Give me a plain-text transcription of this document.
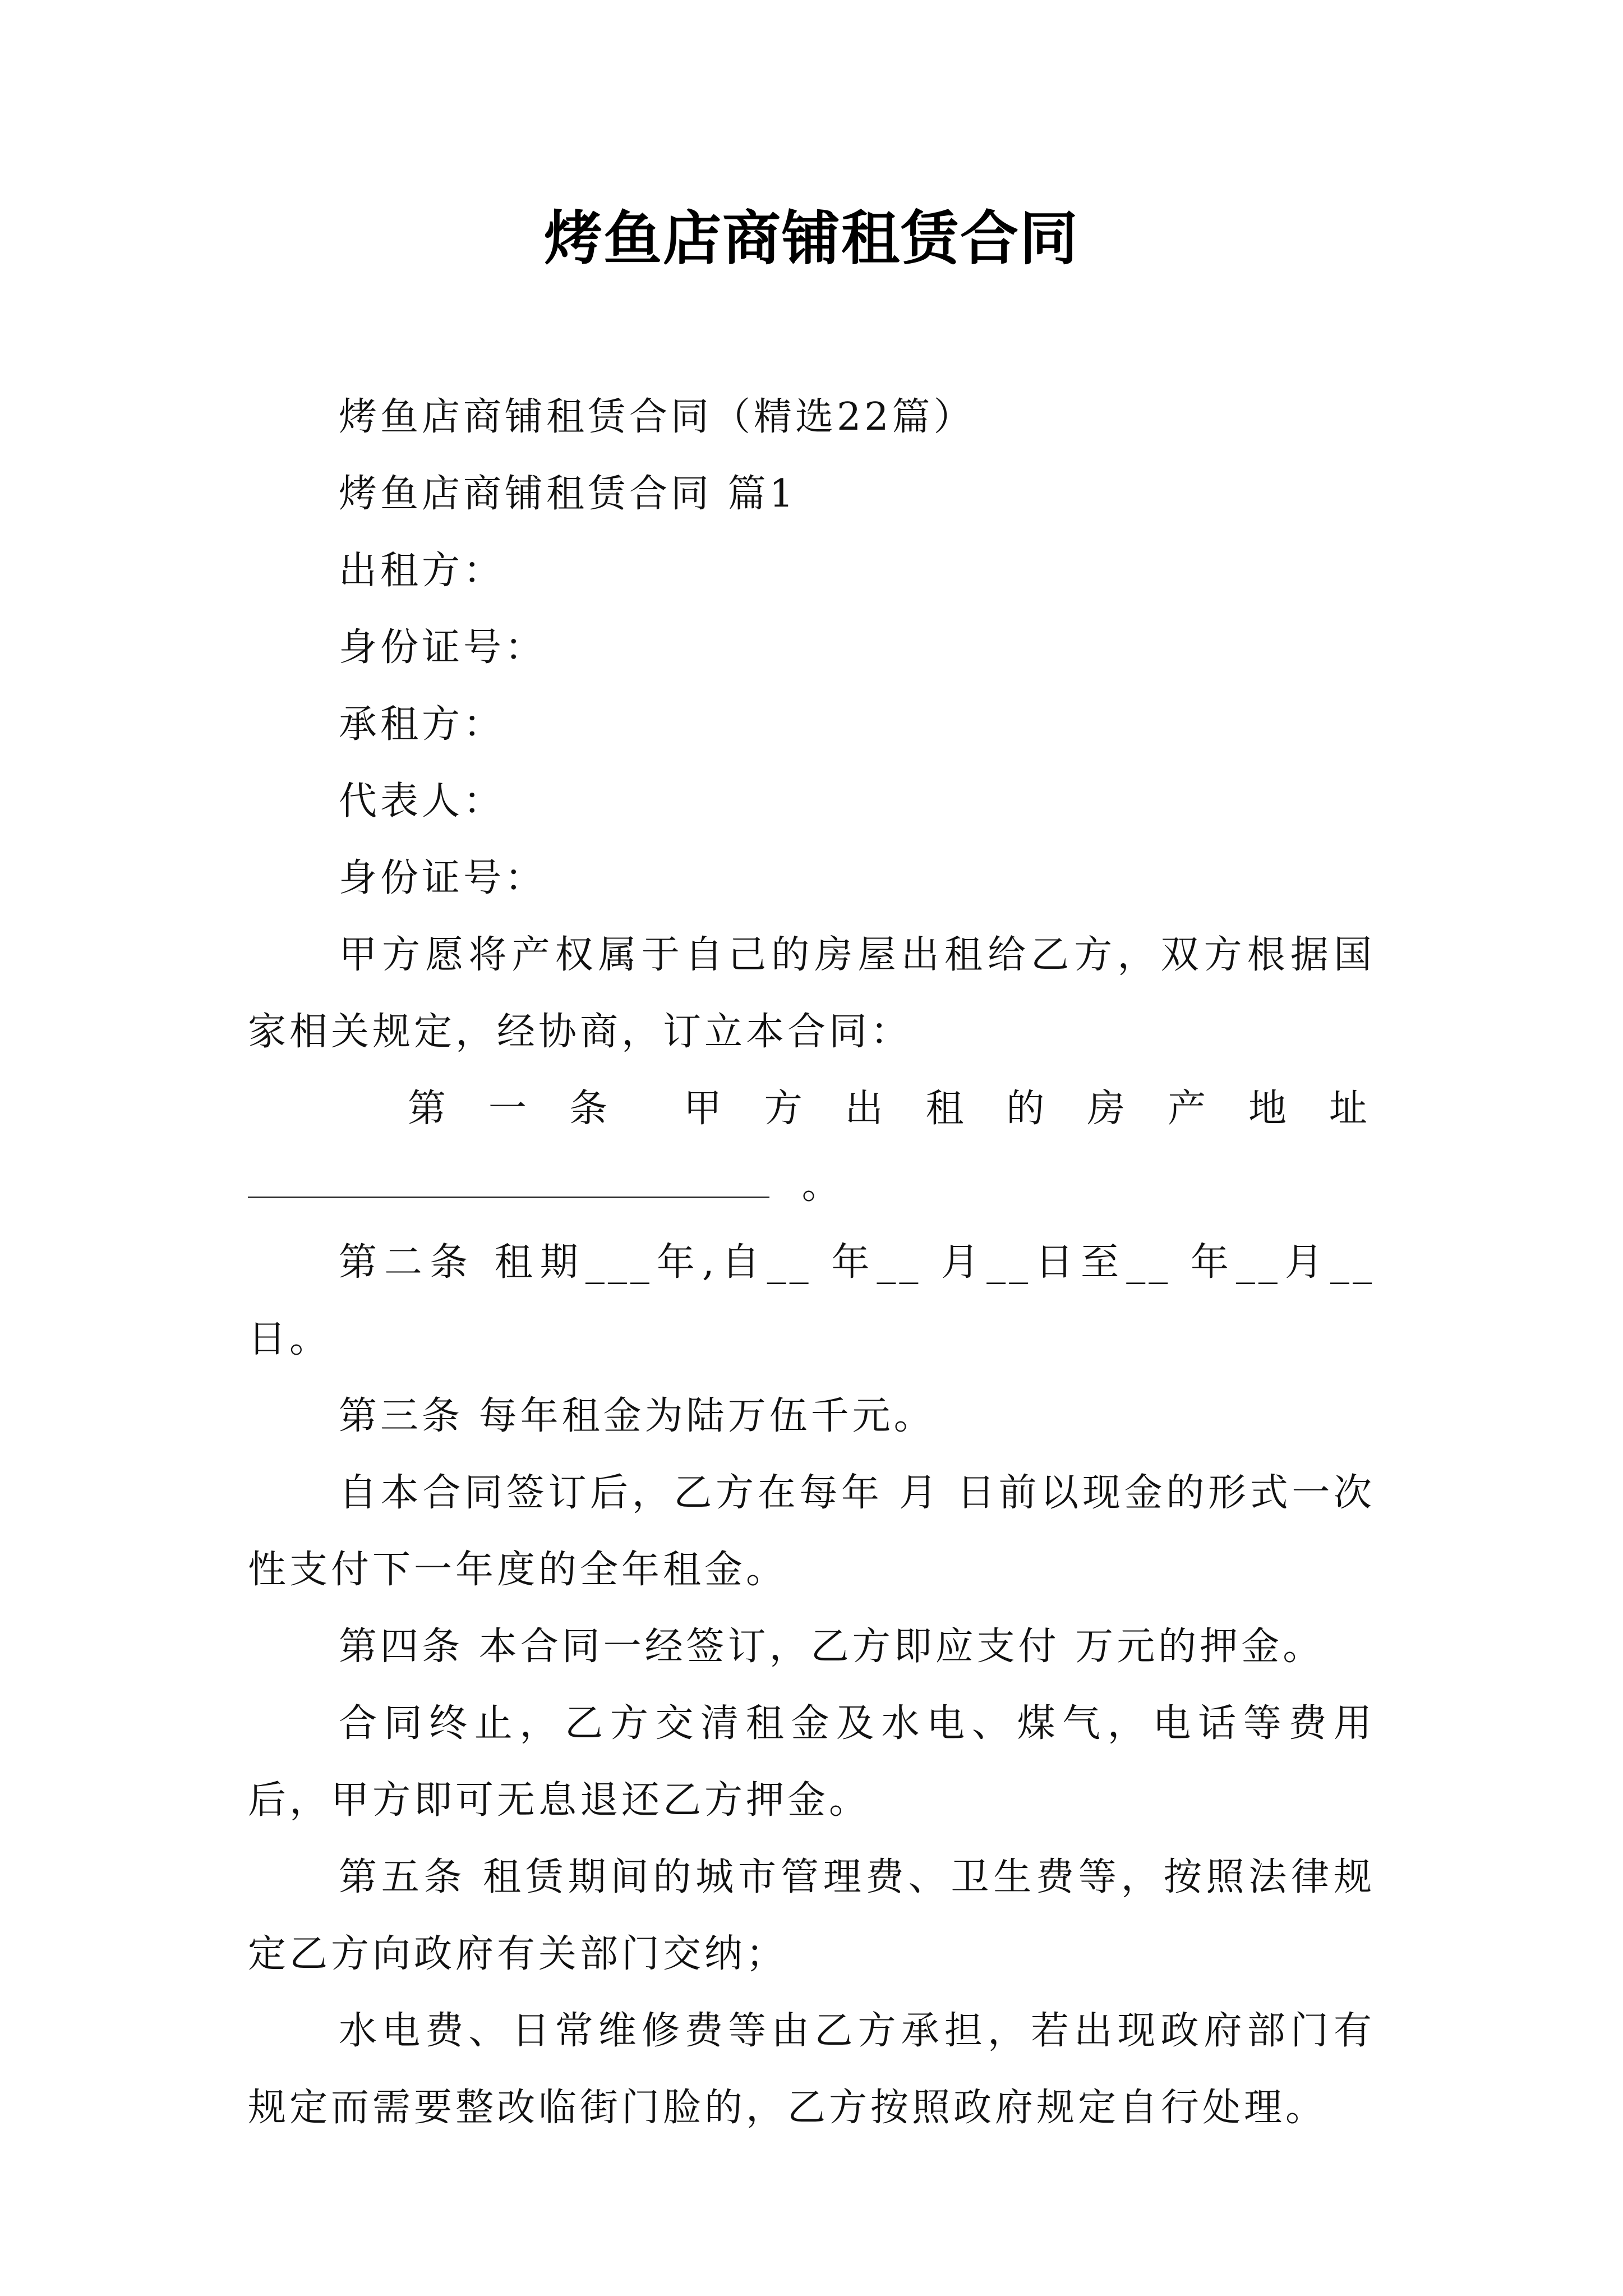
烤鱼店商铺租赁合同

烤鱼店商铺租赁合同（精选22篇）

烤鱼店商铺租赁合同 篇1

出租方：

身份证号：

承租方：

代表人：

身份证号：

甲方愿将产权属于自己的房屋出租给乙方，双方根据国家相关规定，经协商，订立本合同：

第 一 条 甲 方 出 租 的 房 产 地 址
。

第二条 租期___年,自__ 年__ 月__日至__ 年__月__日。

第三条 每年租金为陆万伍千元。

自本合同签订后，乙方在每年 月 日前以现金的形式一次性支付下一年度的全年租金。

第四条 本合同一经签订，乙方即应支付 万元的押金。

合同终止，乙方交清租金及水电、煤气，电话等费用后，甲方即可无息退还乙方押金。

第五条 租赁期间的城市管理费、卫生费等，按照法律规定乙方向政府有关部门交纳；

水电费、日常维修费等由乙方承担，若出现政府部门有规定而需要整改临街门脸的，乙方按照政府规定自行处理。
